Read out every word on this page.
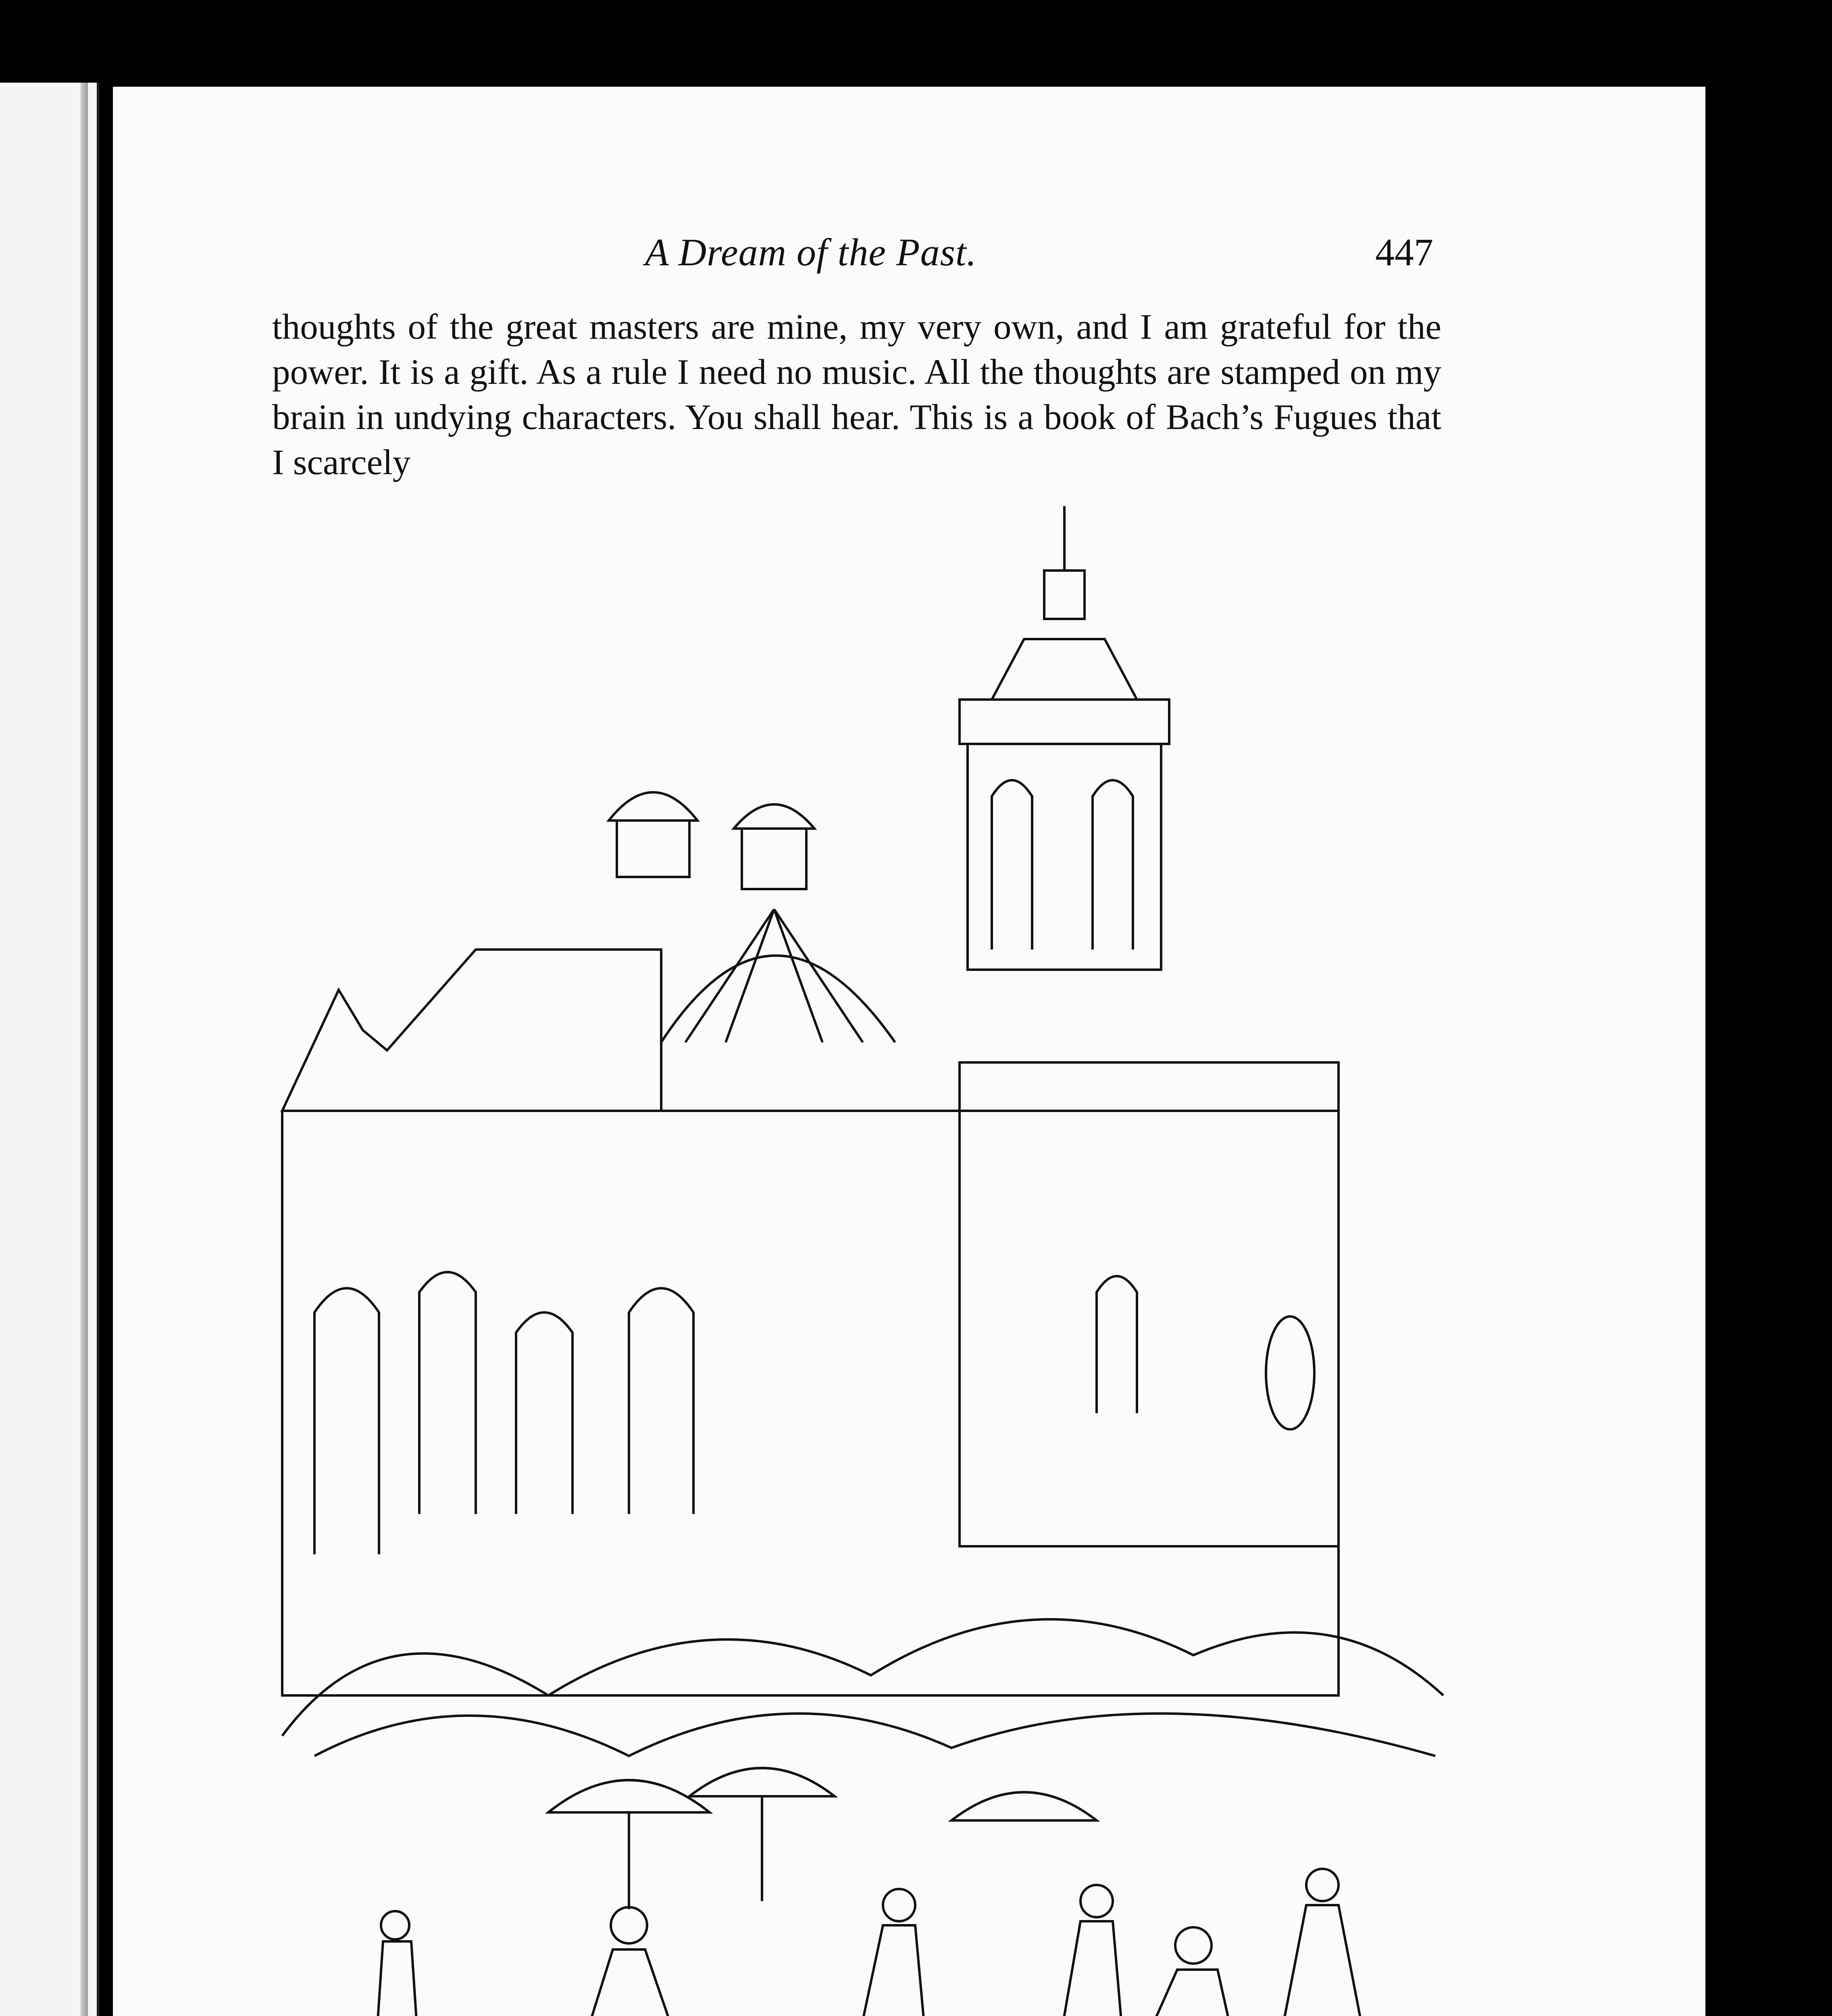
A Dream of the Past.	447

thoughts of the great masters are mine, my very own, and I am grateful for the power. It is a gift. As a rule I need no music. All the thoughts are stamped on my brain in undying characters. You shall hear. This is a book of Bach’s Fugues that I scarcely
